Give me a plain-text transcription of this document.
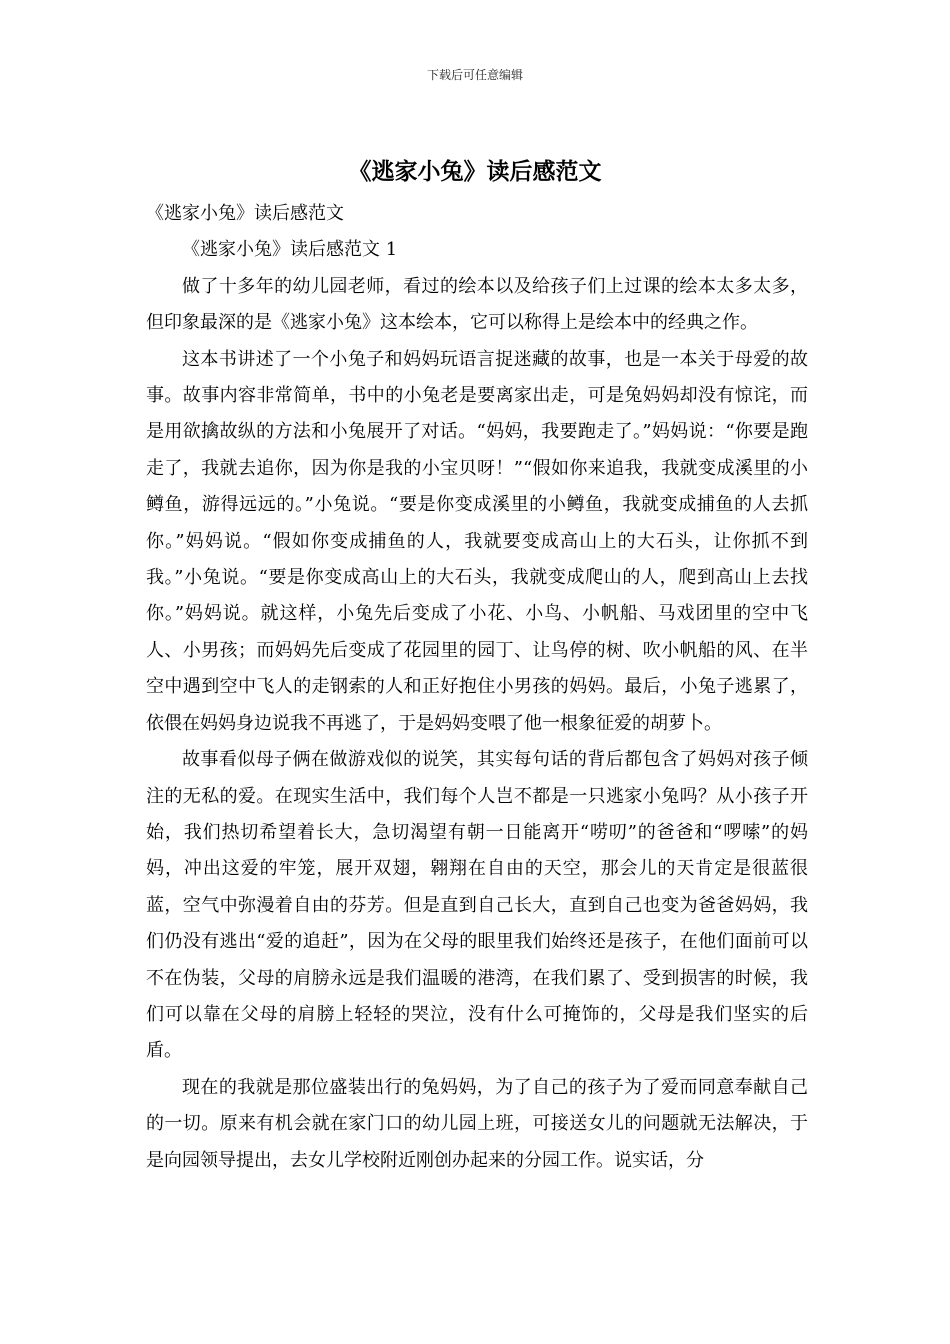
下载后可任意编辑
《逃家小兔》读后感范文

《逃家小兔》读后感范文

《逃家小兔》读后感范文 1

做了十多年的幼儿园老师，看过的绘本以及给孩子们上过课的绘本太多太多，但印象最深的是《逃家小兔》这本绘本，它可以称得上是绘本中的经典之作。

这本书讲述了一个小兔子和妈妈玩语言捉迷藏的故事，也是一本关于母爱的故事。故事内容非常简单，书中的小兔老是要离家出走，可是兔妈妈却没有惊诧，而是用欲擒故纵的方法和小兔展开了对话。“妈妈，我要跑走了。”妈妈说：“你要是跑走了，我就去追你，因为你是我的小宝贝呀！”“假如你来追我，我就变成溪里的小鳟鱼，游得远远的。”小兔说。“要是你变成溪里的小鳟鱼，我就变成捕鱼的人去抓你。”妈妈说。“假如你变成捕鱼的人，我就要变成高山上的大石头，让你抓不到我。”小兔说。“要是你变成高山上的大石头，我就变成爬山的人，爬到高山上去找你。”妈妈说。就这样，小兔先后变成了小花、小鸟、小帆船、马戏团里的空中飞人、小男孩；而妈妈先后变成了花园里的园丁、让鸟停的树、吹小帆船的风、在半空中遇到空中飞人的走钢索的人和正好抱住小男孩的妈妈。最后，小兔子逃累了，依偎在妈妈身边说我不再逃了，于是妈妈变喂了他一根象征爱的胡萝卜。

故事看似母子俩在做游戏似的说笑，其实每句话的背后都包含了妈妈对孩子倾注的无私的爱。在现实生活中，我们每个人岂不都是一只逃家小兔吗？从小孩子开始，我们热切希望着长大，急切渴望有朝一日能离开“唠叨”的爸爸和“啰嗦”的妈妈，冲出这爱的牢笼，展开双翅，翱翔在自由的天空，那会儿的天肯定是很蓝很蓝，空气中弥漫着自由的芬芳。但是直到自己长大，直到自己也变为爸爸妈妈，我们仍没有逃出“爱的追赶”，因为在父母的眼里我们始终还是孩子，在他们面前可以不在伪装，父母的肩膀永远是我们温暖的港湾，在我们累了、受到损害的时候，我们可以靠在父母的肩膀上轻轻的哭泣，没有什么可掩饰的，父母是我们坚实的后盾。

现在的我就是那位盛装出行的兔妈妈，为了自己的孩子为了爱而同意奉献自己的一切。原来有机会就在家门口的幼儿园上班，可接送女儿的问题就无法解决，于是向园领导提出，去女儿学校附近刚创办起来的分园工作。说实话，分
